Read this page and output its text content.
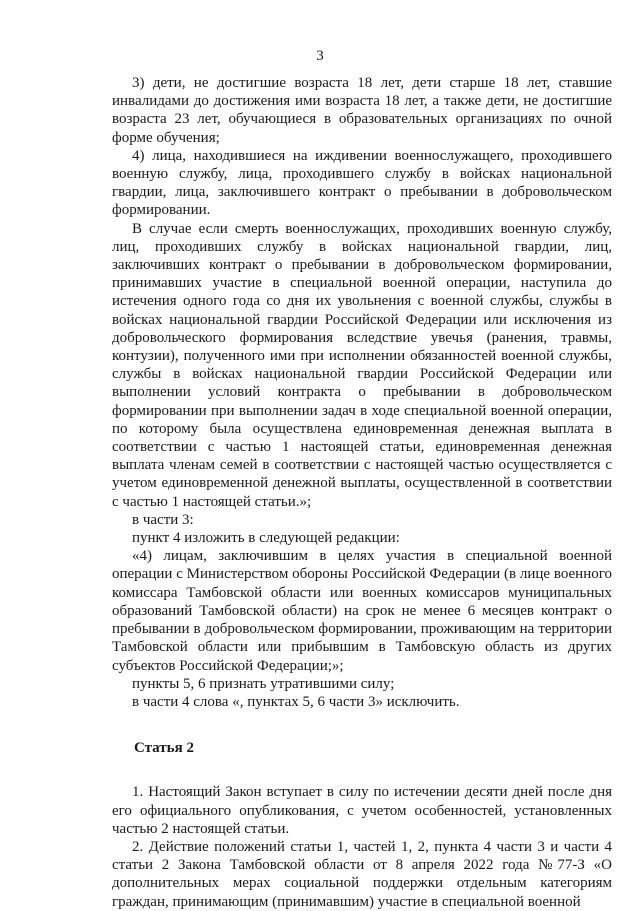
3

3) дети, не достигшие возраста 18 лет, дети старше 18 лет, ставшие инвалидами до достижения ими возраста 18 лет, а также дети, не достигшие возраста 23 лет, обучающиеся в образовательных организациях по очной форме обучения;

4) лица, находившиеся на иждивении военнослужащего, проходившего военную службу, лица, проходившего службу в войсках национальной гвардии, лица, заключившего контракт о пребывании в добровольческом формировании.

В случае если смерть военнослужащих, проходивших военную службу, лиц, проходивших службу в войсках национальной гвардии, лиц, заключивших контракт о пребывании в добровольческом формировании, принимавших участие в специальной военной операции, наступила до истечения одного года со дня их увольнения с военной службы, службы в войсках национальной гвардии Российской Федерации или исключения из добровольческого формирования вследствие увечья (ранения, травмы, контузии), полученного ими при исполнении обязанностей военной службы, службы в войсках национальной гвардии Российской Федерации или выполнении условий контракта о пребывании в добровольческом формировании при выполнении задач в ходе специальной военной операции, по которому была осуществлена единовременная денежная выплата в соответствии с частью 1 настоящей статьи, единовременная денежная выплата членам семей в соответствии с настоящей частью осуществляется с учетом единовременной денежной выплаты, осуществленной в соответствии с частью 1 настоящей статьи.»;

в части 3:

пункт 4 изложить в следующей редакции:

«4) лицам, заключившим в целях участия в специальной военной операции с Министерством обороны Российской Федерации (в лице военного комиссара Тамбовской области или военных комиссаров муниципальных образований Тамбовской области) на срок не менее 6 месяцев контракт о пребывании в добровольческом формировании, проживающим на территории Тамбовской области или прибывшим в Тамбовскую область из других субъектов Российской Федерации;»;

пункты 5, 6 признать утратившими силу;

в части 4 слова «, пунктах 5, 6 части 3» исключить.

Статья 2

1. Настоящий Закон вступает в силу по истечении десяти дней после дня его официального опубликования, с учетом особенностей, установленных частью 2 настоящей статьи.

2. Действие положений статьи 1, частей 1, 2, пункта 4 части 3 и части 4 статьи 2 Закона Тамбовской области от 8 апреля 2022 года №77-З «О дополнительных мерах социальной поддержки отдельным категориям граждан, принимающим (принимавшим) участие в специальной военной
